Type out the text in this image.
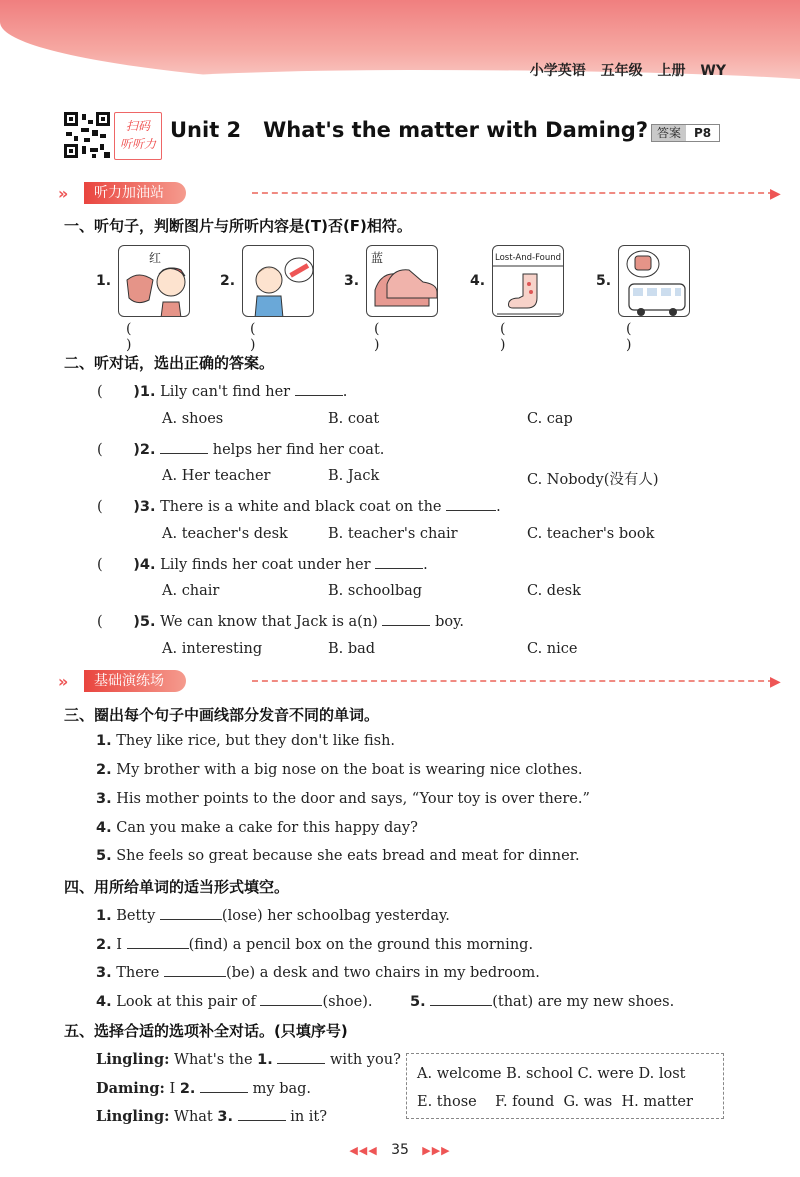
小学英语 五年级 上册 WY
扫码
听听力
Unit 2 What's the matter with Daming? 答案	P8
»	听力加油站	▶
一、听句子，判断图片与所听内容是(T)否(F)相符。
1.
红
( )
2.
( )
3.
蓝
( )
4.
Lost-And-Found
( )
5.
( )
二、听对话，选出正确的答案。
( )1. Lily can't find her	.
A. shoes	B. coat	C. cap
( )2.	helps her find her coat.
A. Her teacher	B. Jack	C. Nobody(没有人)
( )3. There is a white and black coat on the	.
A. teacher's desk	B. teacher's chair	C. teacher's book
( )4. Lily finds her coat under her	.
A. chair	B. schoolbag	C. desk
( )5. We can know that Jack is a(n)	boy.
A. interesting	B. bad	C. nice
»	基础演练场	▶
三、圈出每个句子中画线部分发音不同的单词。
1. They like rice, but they don't like fish.
2. My brother with a big nose on the boat is wearing nice clothes.
3. His mother points to the door and says, “Your toy is over there.”
4. Can you make a cake for this happy day?
5. She feels so great because she eats bread and meat for dinner.
四、用所给单词的适当形式填空。
1. Betty	(lose) her schoolbag yesterday.
2. I	(find) a pencil box on the ground this morning.
3. There	(be) a desk and two chairs in my bedroom.
4. Look at this pair of	(shoe).	5.	(that) are my new shoes.
五、选择合适的选项补全对话。(只填序号)
Lingling: What's the 1.	with you?
Daming: I 2.	my bag.
Lingling: What 3.	in it?
A. welcome B. school C. were D. lost
E. those    F. found  G. was  H. matter
◀◀◀ 35 ▶▶▶
